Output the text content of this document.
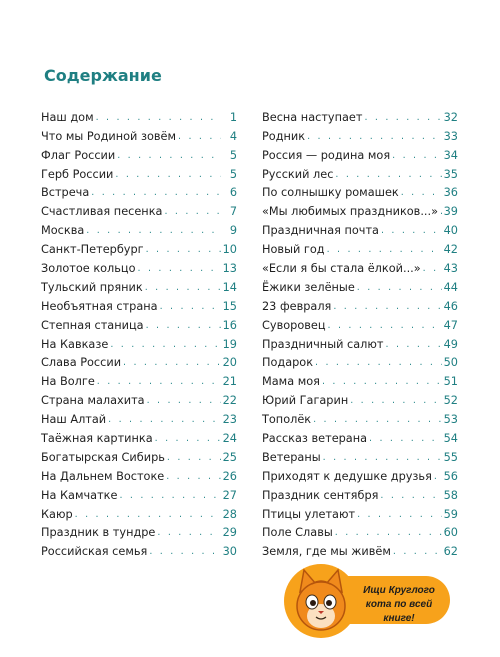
Содержание
Наш дом . . .	1
Что мы Родиной зовём . . .	4
Флаг России . . .	5
Герб России . . .	5
Встреча . . .	6
Счастливая песенка . . .	7
Москва . . .	9
Санкт-Петербург . . .	10
Золотое кольцо . . .	13
Тульский пряник . . .	14
Необъятная страна . . .	15
Степная станица . . .	16
На Кавказе . . .	19
Слава России . . .	20
На Волге . . .	21
Страна малахита . . .	22
Наш Алтай . . .	23
Таёжная картинка . . .	24
Богатырская Сибирь . . .	25
На Дальнем Востоке . . .	26
На Камчатке . . .	27
Каюр . . .	28
Праздник в тундре . . .	29
Российская семья . . .	30
Весна наступает . . .	32
Родник . . .	33
Россия — родина моя . . .	34
Русский лес . . .	35
По солнышку ромашек . . .	36
«Мы любимых праздников...» . . . 39
Праздничная почта . . .	40
Новый год . . .	42
«Если я бы стала ёлкой...» . . . 43
Ёжики зелёные . . .	44
23 февраля . . .	46
Суворовец . . .	47
Праздничный салют . . .	49
Подарок . . .	50
Мама моя . . .	51
Юрий Гагарин . . .	52
Тополёк . . .	53
Рассказ ветерана . . .	54
Ветераны . . .	55
Приходят к дедушке друзья . . . 56
Праздник сентября . . .	58
Птицы улетают . . .	59
Поле Славы . . .	60
Земля, где мы живём . . .	62
Ищи Круглого кота по всей книге!
